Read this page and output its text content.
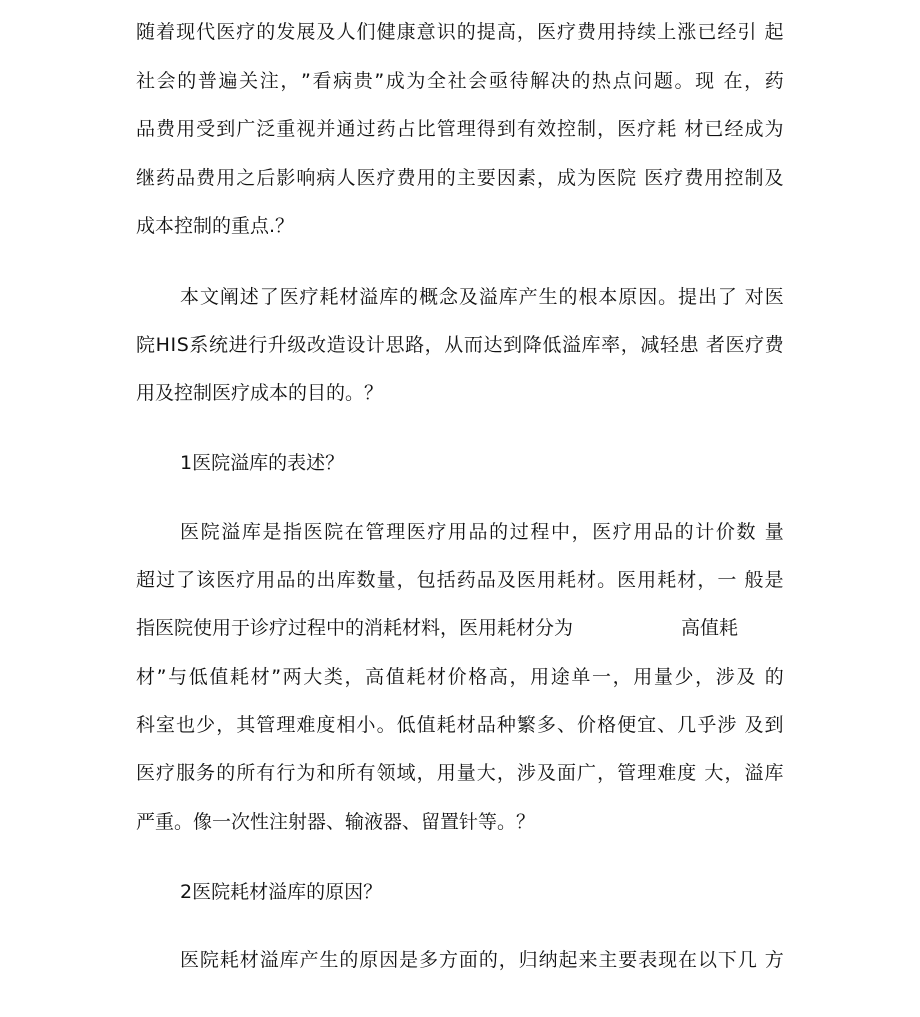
随 着 现 代 医 疗 的 发 展 及 人 们 健 康 意 识 的 提 高 ， 医 疗 费 用 持 续 上 涨 已 经 引
起
社 会 的 普 遍 关 注 ， ” 看 病 贵 ” 成 为 全 社 会 亟 待 解 决 的 热 点 问 题 。 现
在 ， 药
品 费 用 受 到 广 泛 重 视 并 通 过 药 占 比 管 理 得 到 有 效 控 制 ， 医 疗 耗
材 已 经 成 为
继 药 品 费 用 之 后 影 响 病 人 医 疗 费 用 的 主 要 因 素 ， 成 为 医 院
医 疗 费 用 控 制 及
成本控制的重点.？
本 文 阐 述 了 医 疗 耗 材 溢 库 的 概 念 及 溢 库 产 生 的 根 本 原 因 。 提 出 了
对 医
院 H I S 系 统 进 行 升 级 改 造 设 计 思 路 ， 从 而 达 到 降 低 溢 库 率 ， 减 轻 患
者 医 疗 费
用及控制医疗成本的目的。？
1医院溢库的表述？
医 院 溢 库 是 指 医 院 在 管 理 医 疗 用 品 的 过 程 中 ， 医 疗 用 品 的 计 价 数
量
超 过 了 该 医 疗 用 品 的 出 库 数 量 ， 包 括 药 品 及 医 用 耗 材 。 医 用 耗 材 ， 一
般 是
指医院使用于诊疗过程中的消耗材料，医用耗材分为	高值耗
材 ” 与 低 值 耗 材 ” 两 大 类 ， 高 值 耗 材 价 格 高 ， 用 途 单 一 ， 用 量 少 ， 涉 及
的
科 室 也 少 ， 其 管 理 难 度 相 小 。 低 值 耗 材 品 种 繁 多 、 价 格 便 宜 、 几 乎 涉
及 到
医 疗 服 务 的 所 有 行 为 和 所 有 领 域 ， 用 量 大 ， 涉 及 面 广 ， 管 理 难 度
大 ， 溢 库
严重。像一次性注射器、输液器、留置针等。？
2医院耗材溢库的原因？
医 院 耗 材 溢 库 产 生 的 原 因 是 多 方 面 的 ， 归 纳 起 来 主 要 表 现 在 以 下 几
方
